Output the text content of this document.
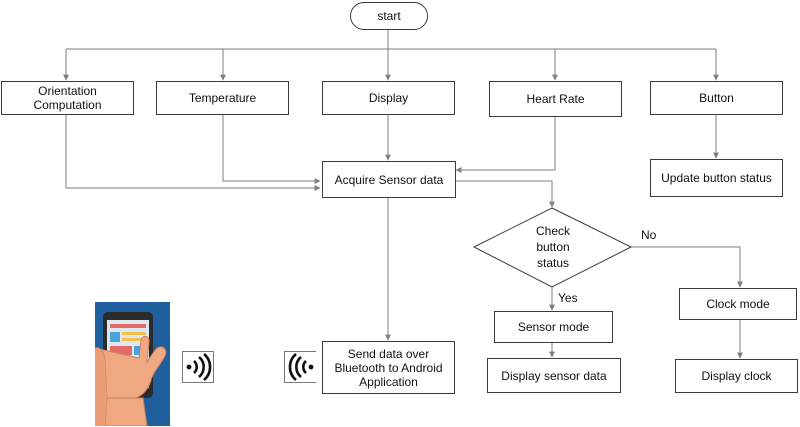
start
Orientation
Computation	Temperature	Display	Heart Rate	Button
Acquire Sensor data	Update button status
Check
button
status
No
Yes
Sensor mode
Display sensor data
Clock mode
Display clock
Send data over
Bluetooth to Android
Application
